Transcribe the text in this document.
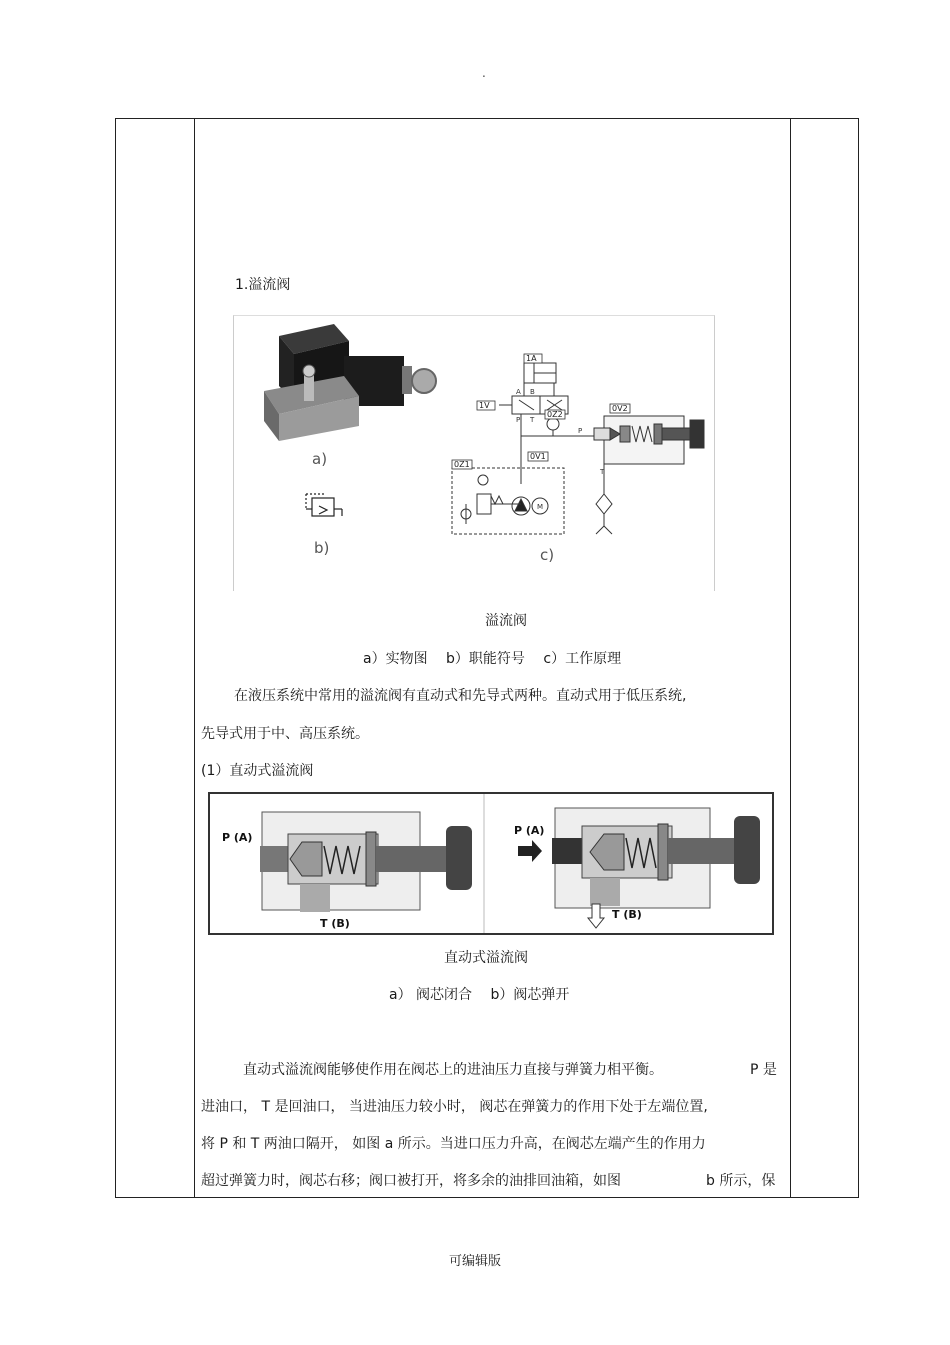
.
1.溢流阀
a)
b)
1A
1V
0Z2
0V2
0V1
0Z1
A B
P T
P
T
M
c)
溢流阀
a）实物图　 b）职能符号　 c）工作原理
在液压系统中常用的溢流阀有直动式和先导式两种。直动式用于低压系统,
先导式用于中、高压系统。
(1）直动式溢流阀
P (A)
T (B)
P (A)
T (B)
直动式溢流阀
a） 阀芯闭合　 b）阀芯弹开
直动式溢流阀能够使作用在阀芯上的进油压力直接与弹簧力相平衡。	P 是
进油口， T 是回油口， 当进油压力较小时， 阀芯在弹簧力的作用下处于左端位置,
将 P 和 T 两油口隔开， 如图 a 所示。当进口压力升高，在阀芯左端产生的作用力
超过弹簧力时，阀芯右移；阀口被打开，将多余的油排回油箱，如图	b 所示，保
可编辑版
